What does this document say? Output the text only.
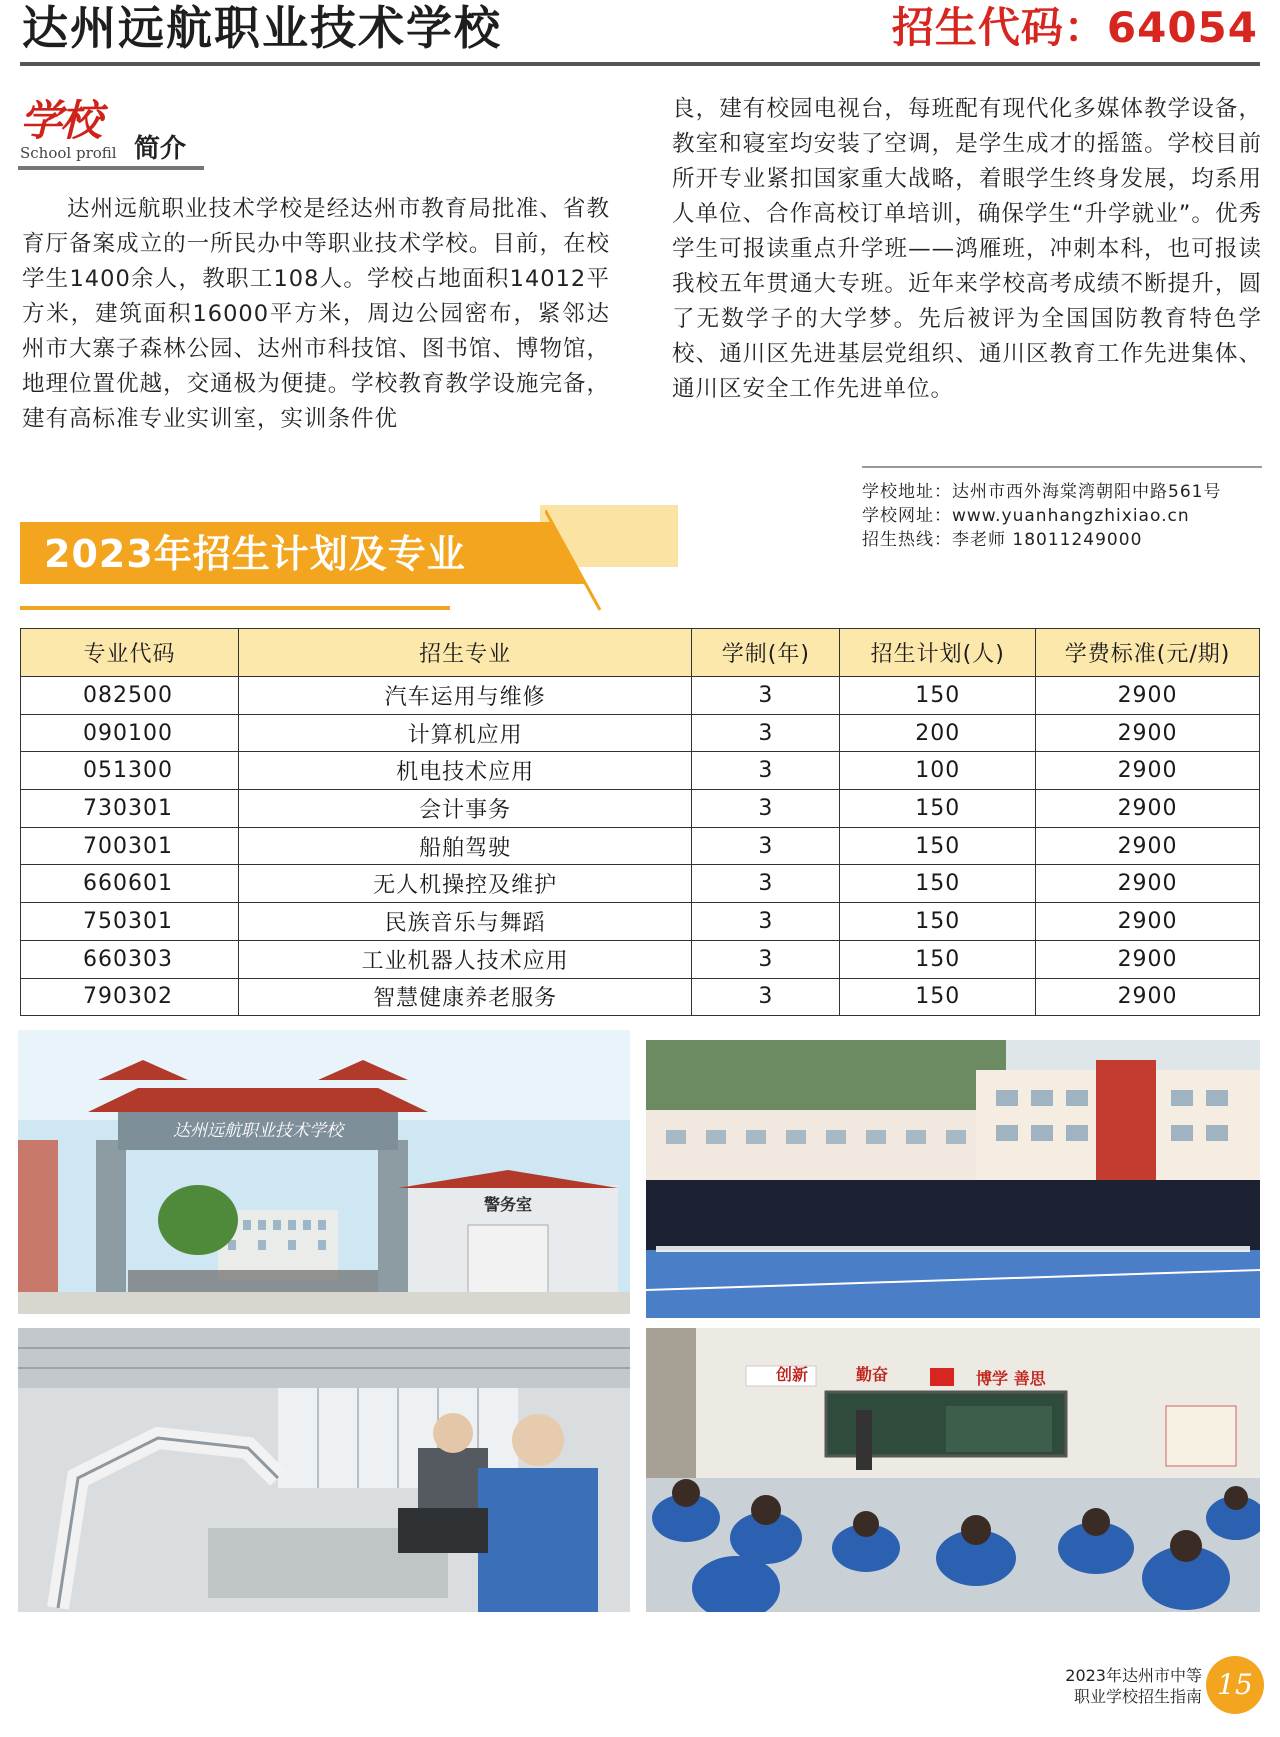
达州远航职业技术学校	招生代码：64054
学校
School profil 简介

达州远航职业技术学校是经达州市教育局批准、省教育厅备案成立的一所民办中等职业技术学校。目前，在校学生1400余人，教职工108人。学校占地面积14012平方米，建筑面积16000平方米，周边公园密布，紧邻达州市大寨子森林公园、达州市科技馆、图书馆、博物馆，地理位置优越，交通极为便捷。学校教育教学设施完备，建有高标准专业实训室，实训条件优

良，建有校园电视台，每班配有现代化多媒体教学设备，教室和寝室均安装了空调，是学生成才的摇篮。学校目前所开专业紧扣国家重大战略，着眼学生终身发展，均系用人单位、合作高校订单培训，确保学生“升学就业”。优秀学生可报读重点升学班——鸿雁班，冲刺本科，也可报读我校五年贯通大专班。近年来学校高考成绩不断提升，圆了无数学子的大学梦。先后被评为全国国防教育特色学校、通川区先进基层党组织、通川区教育工作先进集体、通川区安全工作先进单位。

学校地址：达州市西外海棠湾朝阳中路561号
学校网址：www.yuanhangzhixiao.cn
招生热线：李老师 18011249000
2023年招生计划及专业
专业代码	招生专业	学制(年)	招生计划(人)	学费标准(元/期)
082500	汽车运用与维修	3	150	2900
090100	计算机应用	3	200	2900
051300	机电技术应用	3	100	2900
730301	会计事务	3	150	2900
700301	船舶驾驶	3	150	2900
660601	无人机操控及维护	3	150	2900
750301	民族音乐与舞蹈	3	150	2900
660303	工业机器人技术应用	3	150	2900
790302	智慧健康养老服务	3	150	2900
达州远航职业技术学校
警务室
创新	勤奋	博学 善思
2023年达州市中等
职业学校招生指南 15
